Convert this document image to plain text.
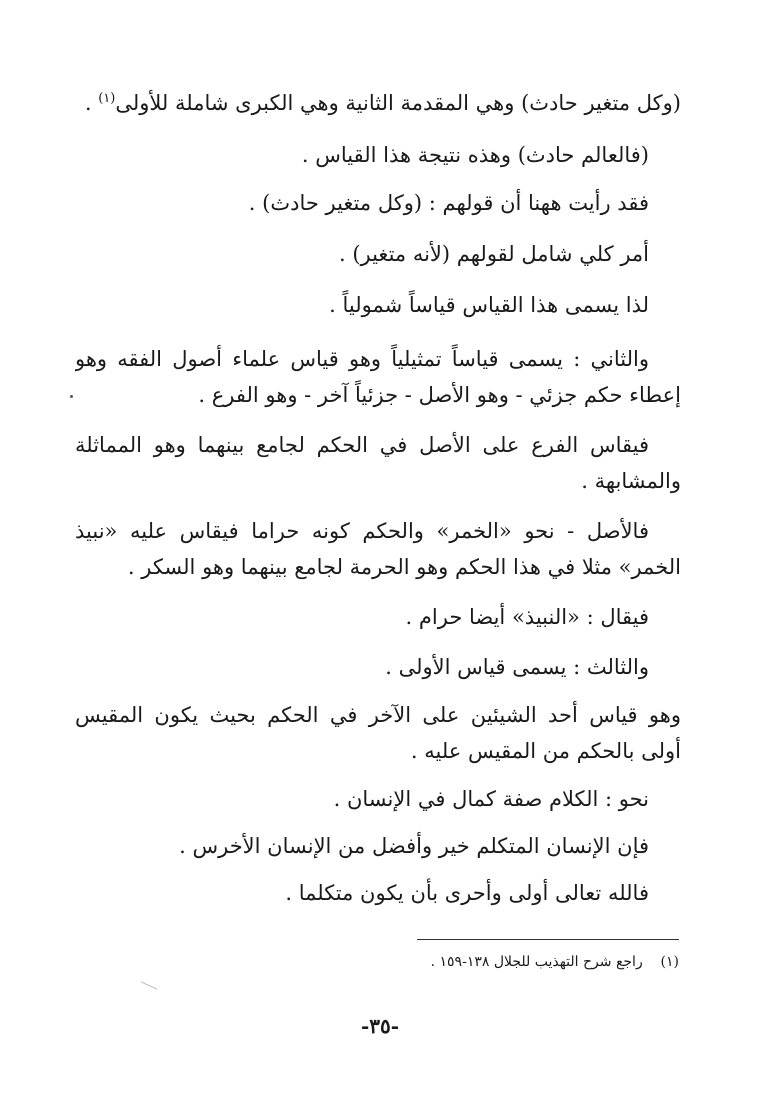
(وكل متغير حادث) وهي المقدمة الثانية وهي الكبرى شاملة للأولى$^{(١)}$ .
(فالعالم حادث) وهذه نتيجة هذا القياس .
فقد رأيت ههنا أن قولهم : (وكل متغير حادث) .
أمر كلي شامل لقولهم (لأنه متغير) .
لذا يسمى هذا القياس قياساً شمولياً .
والثاني : يسمى قياساً تمثيلياً وهو قياس علماء أصول الفقه وهو
إعطاء حكم جزئي - وهو الأصل - جزئياً آخر - وهو الفرع .
فيقاس الفرع على الأصل في الحكم لجامع بينهما وهو المماثلة
والمشابهة .
فالأصل - نحو «الخمر» والحكم كونه حراما فيقاس عليه «نبيذ
الخمر» مثلا في هذا الحكم وهو الحرمة لجامع بينهما وهو السكر .
فيقال : «النبيذ» أيضا حرام .
والثالث : يسمى قياس الأولى .
وهو قياس أحد الشيئين على الآخر في الحكم بحيث يكون المقيس
أولى بالحكم من المقيس عليه .
نحو : الكلام صفة كمال في الإنسان .
فإن الإنسان المتكلم خير وأفضل من الإنسان الأخرس .
فالله تعالى أولى وأحرى بأن يكون متكلما .
(١)    راجع شرح التهذيب للجلال ١٣٨-١٥٩ .
-٣٥-
